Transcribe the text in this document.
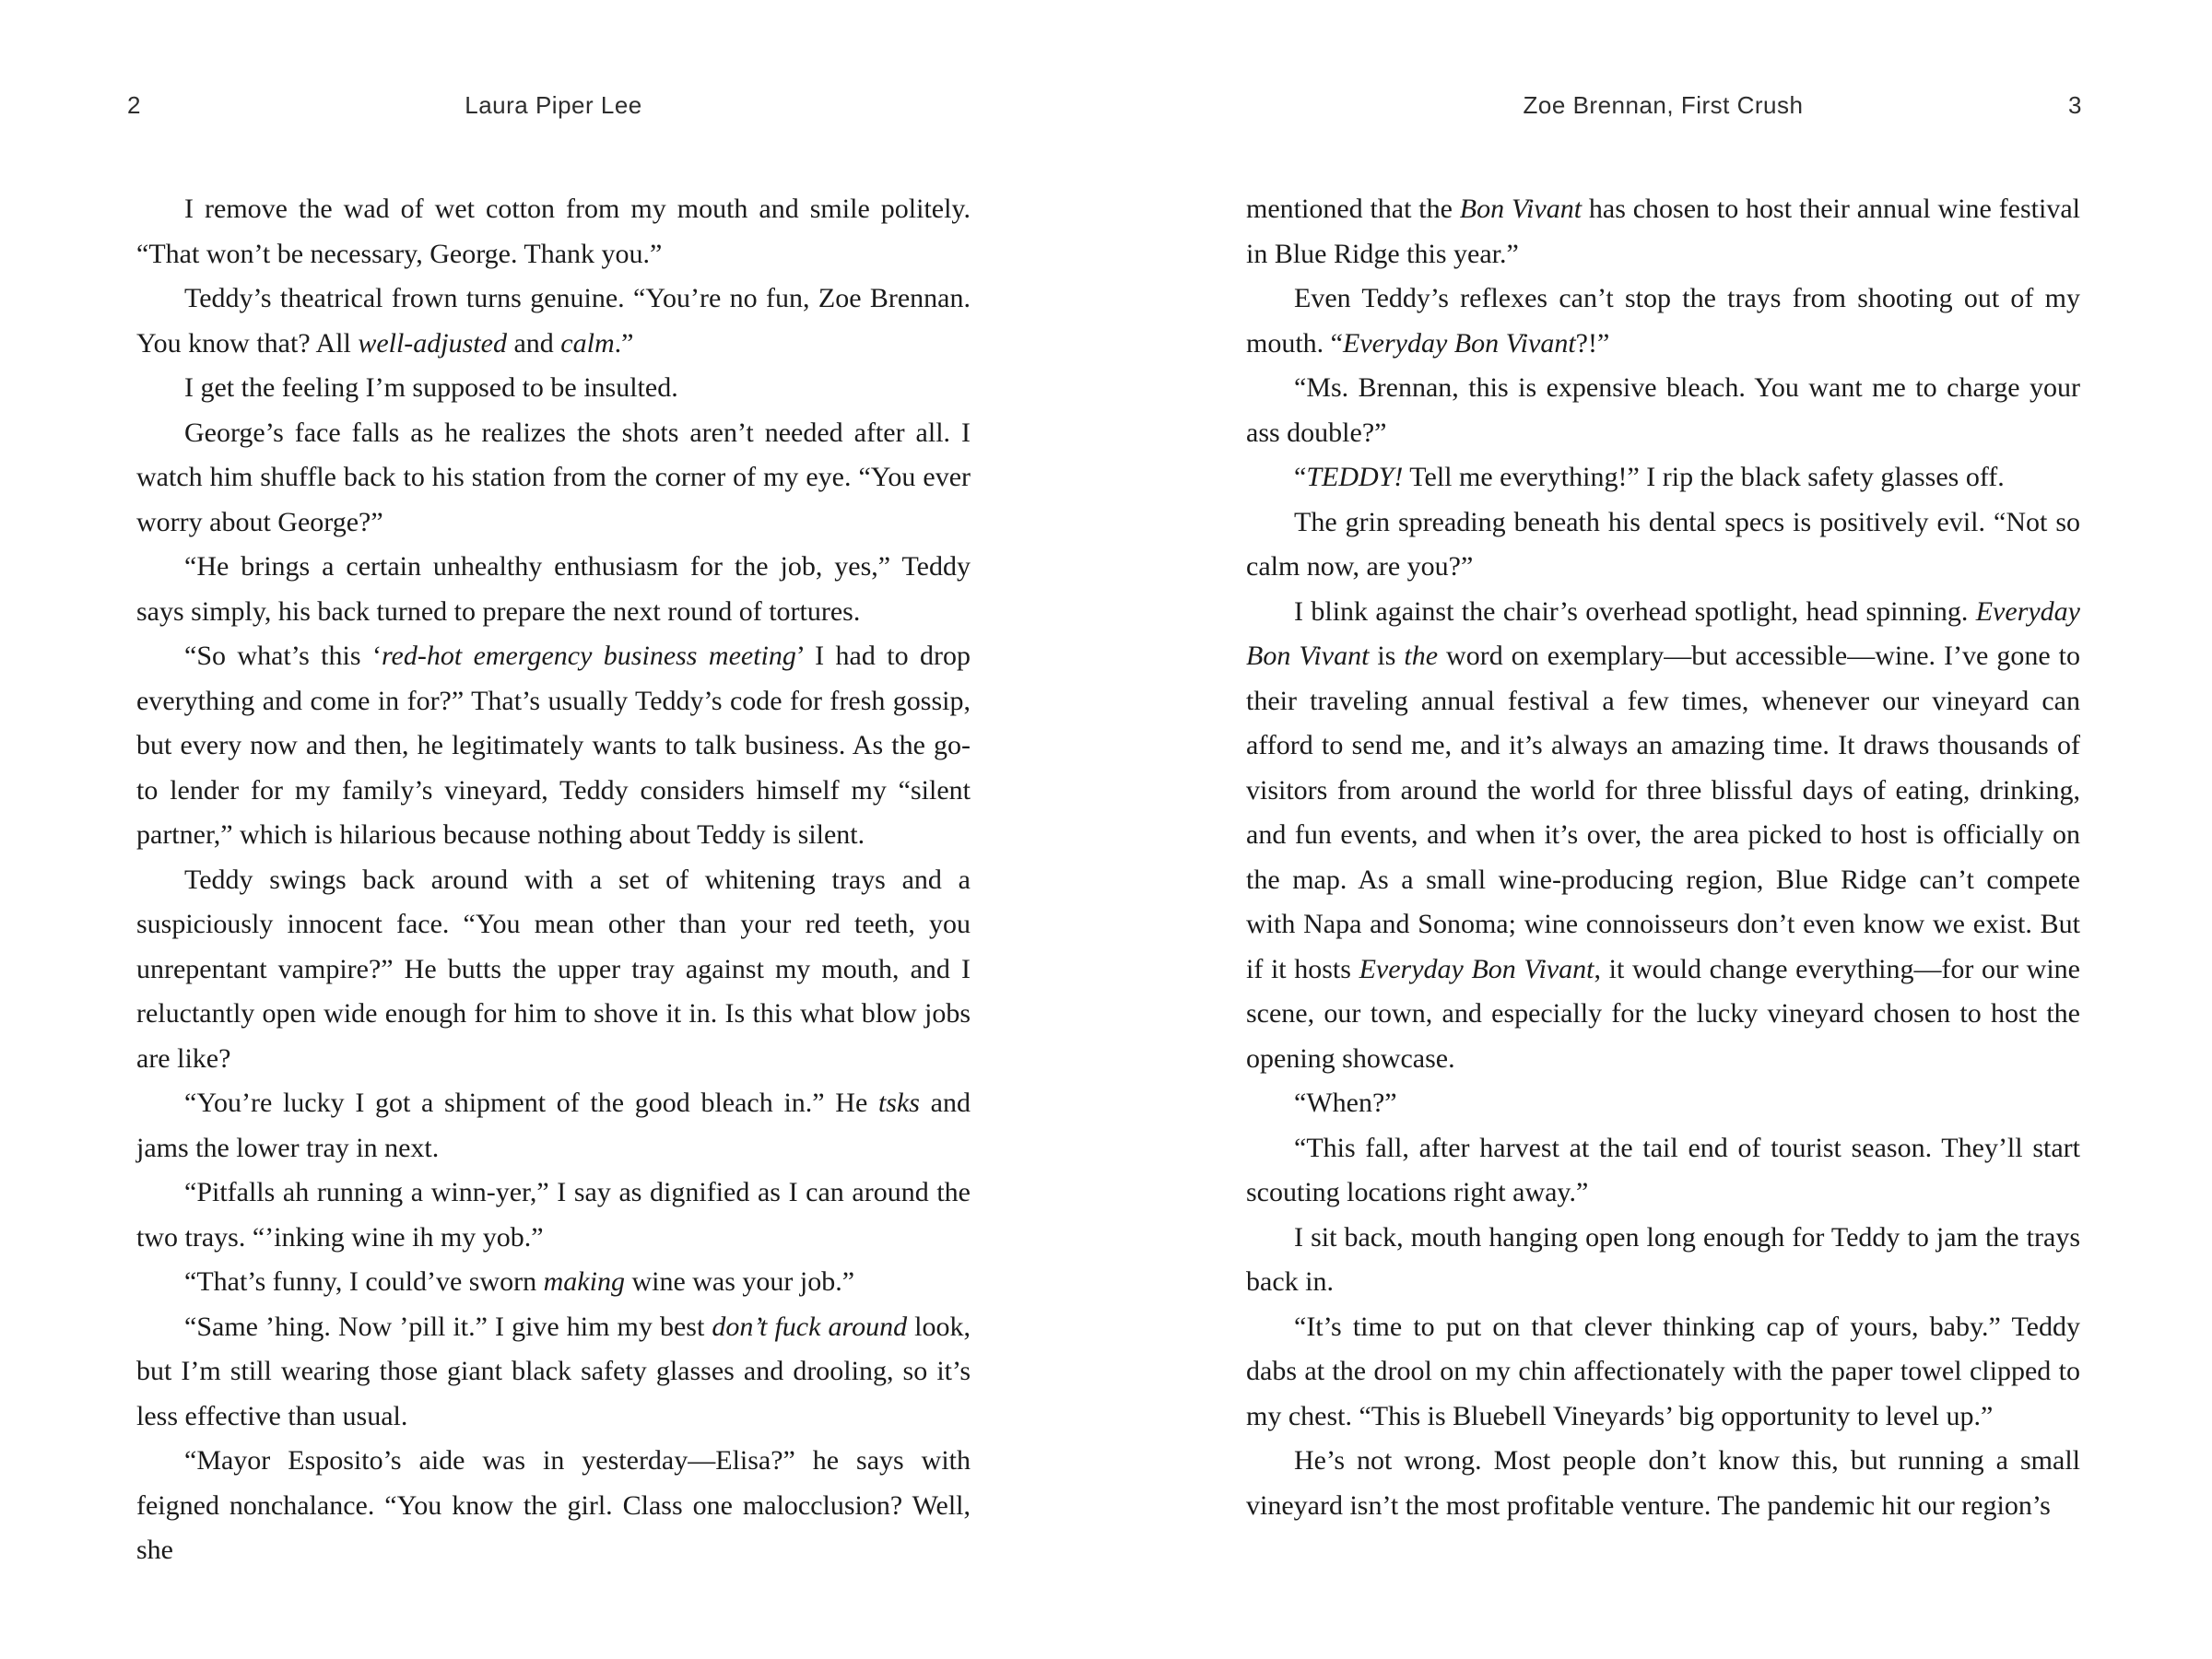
2	Laura Piper Lee

I remove the wad of wet cotton from my mouth and smile politely. “That won’t be necessary, George. Thank you.”

Teddy’s theatrical frown turns genuine. “You’re no fun, Zoe Brennan. You know that? All well-adjusted and calm.”

I get the feeling I’m supposed to be insulted.

George’s face falls as he realizes the shots aren’t needed after all. I watch him shuffle back to his station from the corner of my eye. “You ever worry about George?”

“He brings a certain unhealthy enthusiasm for the job, yes,” Teddy says simply, his back turned to prepare the next round of tortures.

“So what’s this ‘red-hot emergency business meeting’ I had to drop everything and come in for?” That’s usually Teddy’s code for fresh gossip, but every now and then, he legitimately wants to talk business. As the go-to lender for my family’s vineyard, Teddy considers himself my “silent partner,” which is hilarious because nothing about Teddy is silent.

Teddy swings back around with a set of whitening trays and a suspiciously innocent face. “You mean other than your red teeth, you unrepentant vampire?” He butts the upper tray against my mouth, and I reluctantly open wide enough for him to shove it in. Is this what blow jobs are like?

“You’re lucky I got a shipment of the good bleach in.” He tsks and jams the lower tray in next.

“Pitfalls ah running a winn-yer,” I say as dignified as I can around the two trays. “’inking wine ih my yob.”

“That’s funny, I could’ve sworn making wine was your job.”

“Same ’hing. Now ’pill it.” I give him my best don’t fuck around look, but I’m still wearing those giant black safety glasses and drooling, so it’s less effective than usual.

“Mayor Esposito’s aide was in yesterday—Elisa?” he says with feigned nonchalance. “You know the girl. Class one malocclusion? Well, she

Zoe Brennan, First Crush	3

mentioned that the Bon Vivant has chosen to host their annual wine festival in Blue Ridge this year.”

Even Teddy’s reflexes can’t stop the trays from shooting out of my mouth. “Everyday Bon Vivant?!”

“Ms. Brennan, this is expensive bleach. You want me to charge your ass double?”

“TEDDY! Tell me everything!” I rip the black safety glasses off.

The grin spreading beneath his dental specs is positively evil. “Not so calm now, are you?”

I blink against the chair’s overhead spotlight, head spinning. Everyday Bon Vivant is the word on exemplary—but accessible—wine. I’ve gone to their traveling annual festival a few times, whenever our vineyard can afford to send me, and it’s always an amazing time. It draws thousands of visitors from around the world for three blissful days of eating, drinking, and fun events, and when it’s over, the area picked to host is officially on the map. As a small wine-producing region, Blue Ridge can’t compete with Napa and Sonoma; wine connoisseurs don’t even know we exist. But if it hosts Everyday Bon Vivant, it would change everything—for our wine scene, our town, and especially for the lucky vineyard chosen to host the opening showcase.

“When?”

“This fall, after harvest at the tail end of tourist season. They’ll start scouting locations right away.”

I sit back, mouth hanging open long enough for Teddy to jam the trays back in.

“It’s time to put on that clever thinking cap of yours, baby.” Teddy dabs at the drool on my chin affectionately with the paper towel clipped to my chest. “This is Bluebell Vineyards’ big opportunity to level up.”

He’s not wrong. Most people don’t know this, but running a small vineyard isn’t the most profitable venture. The pandemic hit our region’s
